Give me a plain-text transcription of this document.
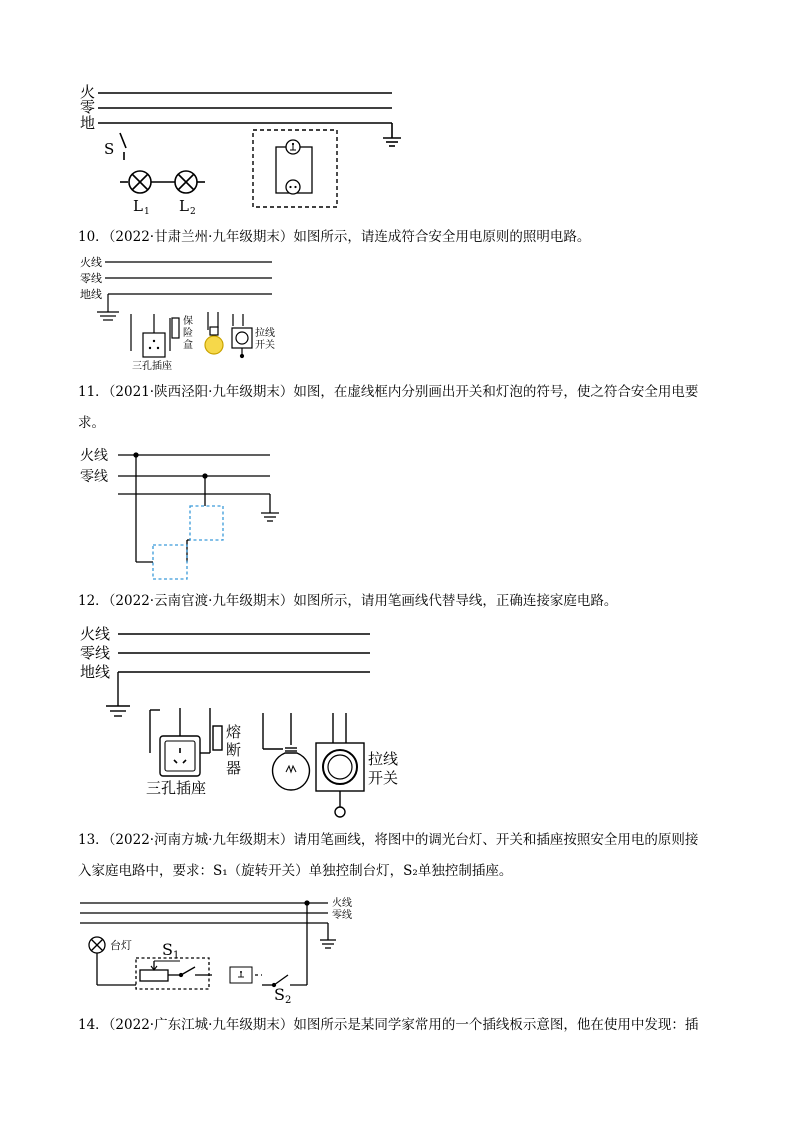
火
零
地
S
L 1 L 2
火线
零线
地线
保
险
盒
三孔插座
拉线
开关
火线
零线
火线
零线
地线
熔
断
器
三孔插座
拉线
开关
火线
零线
台灯 S 1
S 2
10．（2022·甘肃兰州·九年级期末）如图所示，请连成符合安全用电原则的照明电路。
11．（2021·陕西泾阳·九年级期末）如图，在虚线框内分别画出开关和灯泡的符号，使之符合安全用电要
求。
12．（2022·云南官渡·九年级期末）如图所示，请用笔画线代替导线，正确连接家庭电路。
13．（2022·河南方城·九年级期末）请用笔画线，将图中的调光台灯、开关和插座按照安全用电的原则接
入家庭电路中，要求：S₁（旋转开关）单独控制台灯，S₂单独控制插座。
14．（2022·广东江城·九年级期末）如图所示是某同学家常用的一个插线板示意图，他在使用中发现：插
